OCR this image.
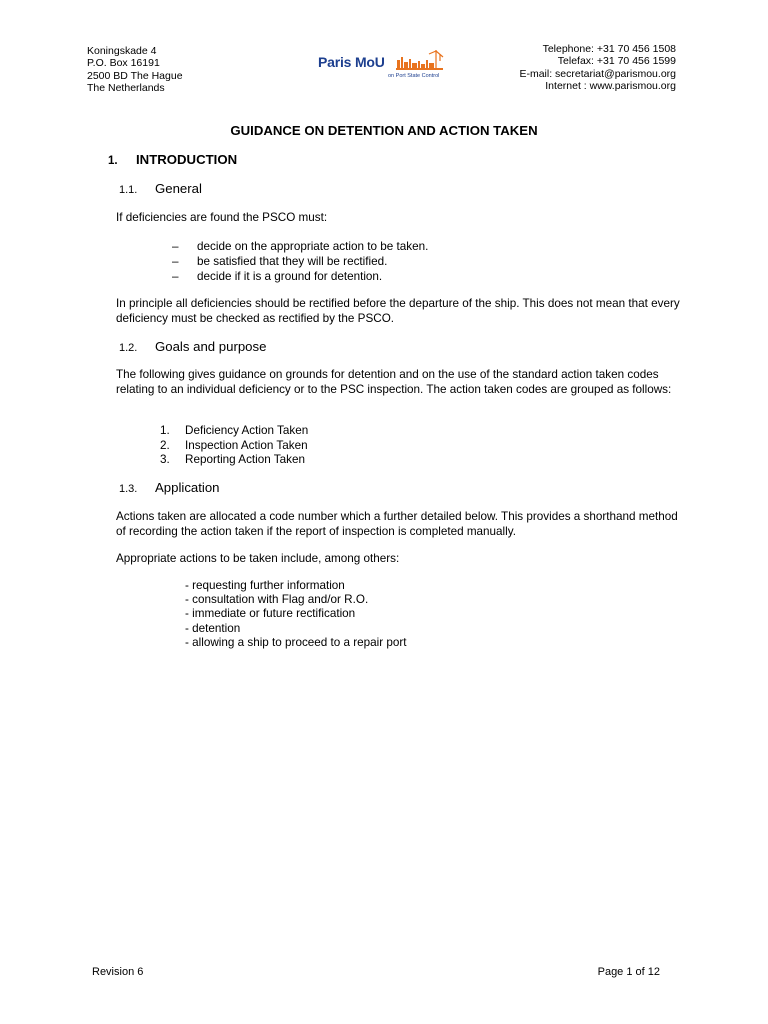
Koningskade 4
P.O. Box 16191
2500 BD The Hague
The Netherlands
Paris MoU
on Port State Control
Telephone: +31 70 456 1508
Telefax: +31 70 456 1599
E-mail: secretariat@parismou.org
Internet : www.parismou.org
GUIDANCE ON DETENTION AND ACTION TAKEN
1. INTRODUCTION
1.1. General
If deficiencies are found the PSCO must:
– decide on the appropriate action to be taken.
– be satisfied that they will be rectified.
– decide if it is a ground for detention.
In principle all deficiencies should be rectified before the departure of the ship. This does not mean that every deficiency must be checked as rectified by the PSCO.
1.2. Goals and purpose
The following gives guidance on grounds for detention and on the use of the standard action taken codes relating to an individual deficiency or to the PSC inspection. The action taken codes are grouped as follows:
1. Deficiency Action Taken
2. Inspection Action Taken
3. Reporting Action Taken
1.3. Application
Actions taken are allocated a code number which a further detailed below. This provides a shorthand method of recording the action taken if the report of inspection is completed manually.
Appropriate actions to be taken include, among others:
- requesting further information
- consultation with Flag and/or R.O.
- immediate or future rectification
- detention
- allowing a ship to proceed to a repair port
Revision 6	Page 1 of 12
